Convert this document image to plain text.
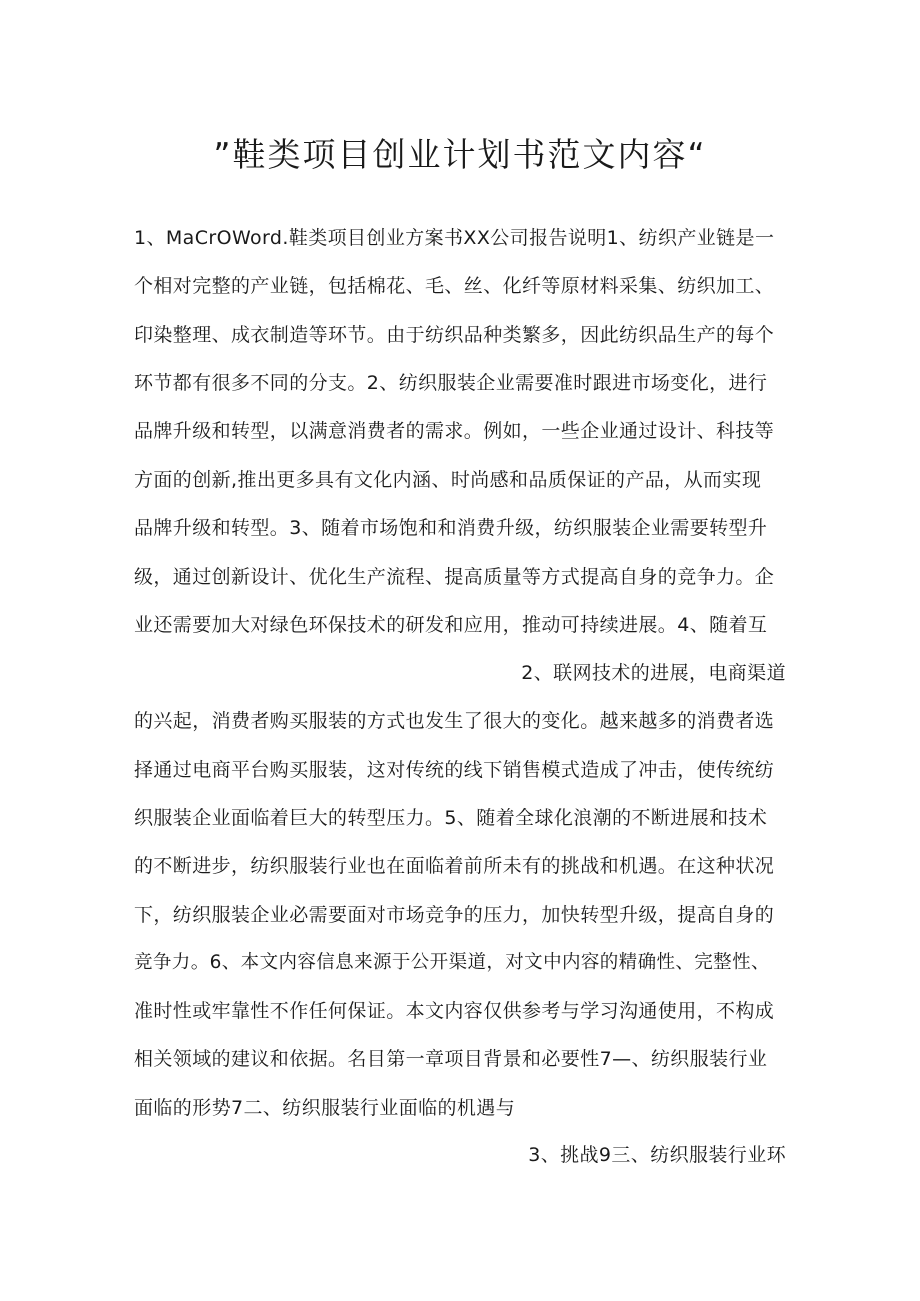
”鞋类项目创业计划书范文内容“
1、MaCrOWord.鞋类项目创业方案书XX公司报告说明1、纺织产业链是一
个相对完整的产业链，包括棉花、毛、丝、化纤等原材料采集、纺织加工、
印染整理、成衣制造等环节。由于纺织品种类繁多，因此纺织品生产的每个
环节都有很多不同的分支。2、纺织服装企业需要准时跟进市场变化，进行
品牌升级和转型，以满意消费者的需求。例如，一些企业通过设计、科技等
方面的创新,推出更多具有文化内涵、时尚感和品质保证的产品，从而实现
品牌升级和转型。3、随着市场饱和和消费升级，纺织服装企业需要转型升
级，通过创新设计、优化生产流程、提高质量等方式提高自身的竞争力。企
业还需要加大对绿色环保技术的研发和应用，推动可持续进展。4、随着互
2、联网技术的进展，电商渠道
的兴起，消费者购买服装的方式也发生了很大的变化。越来越多的消费者选
择通过电商平台购买服装，这对传统的线下销售模式造成了冲击，使传统纺
织服装企业面临着巨大的转型压力。5、随着全球化浪潮的不断进展和技术
的不断进步，纺织服装行业也在面临着前所未有的挑战和机遇。在这种状况
下，纺织服装企业必需要面对市场竞争的压力，加快转型升级，提高自身的
竞争力。6、本文内容信息来源于公开渠道，对文中内容的精确性、完整性、
准时性或牢靠性不作任何保证。本文内容仅供参考与学习沟通使用，不构成
相关领域的建议和依据。名目第一章项目背景和必要性7—、纺织服装行业
面临的形势7二、纺织服装行业面临的机遇与
3、挑战9三、纺织服装行业环
